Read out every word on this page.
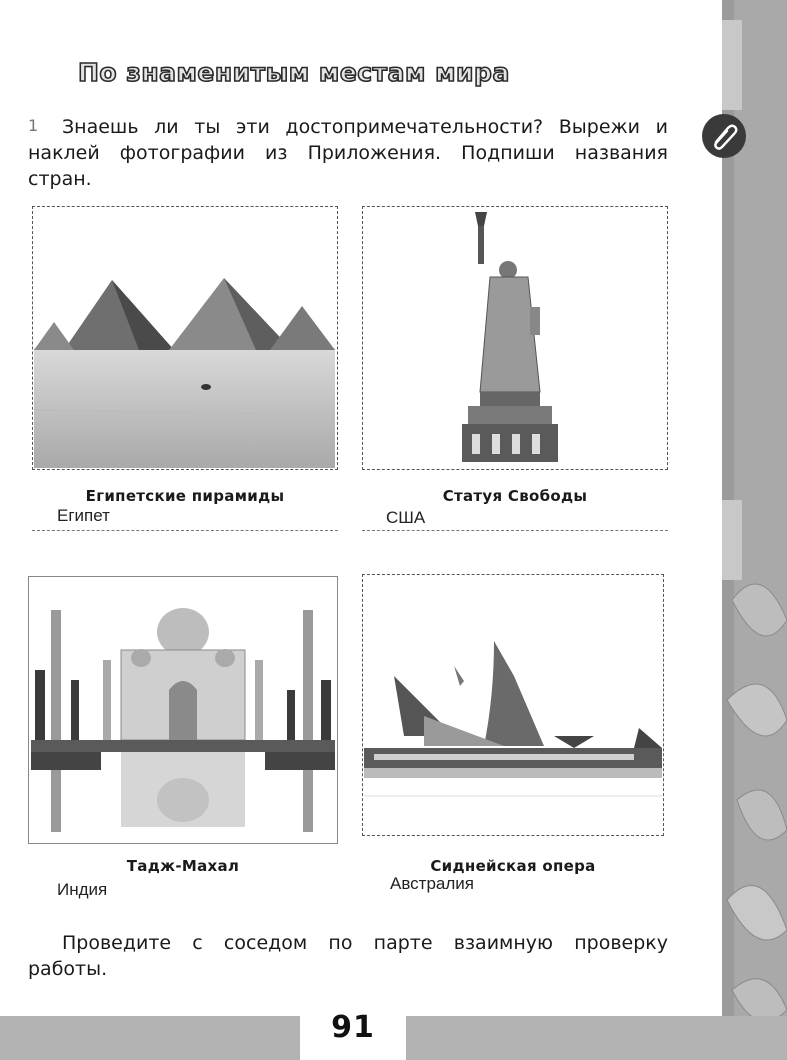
91
По знаменитым местам мира
1	Знаешь ли ты эти достопримечательности? Вырежи и наклей фотографии из Приложения. Подпиши названия стран.
Египетские пирамиды
Египет
Статуя Свободы
США
Тадж-Махал
Индия
Сиднейская опера
Австралия
Проведите с соседом по парте взаимную проверку работы.
